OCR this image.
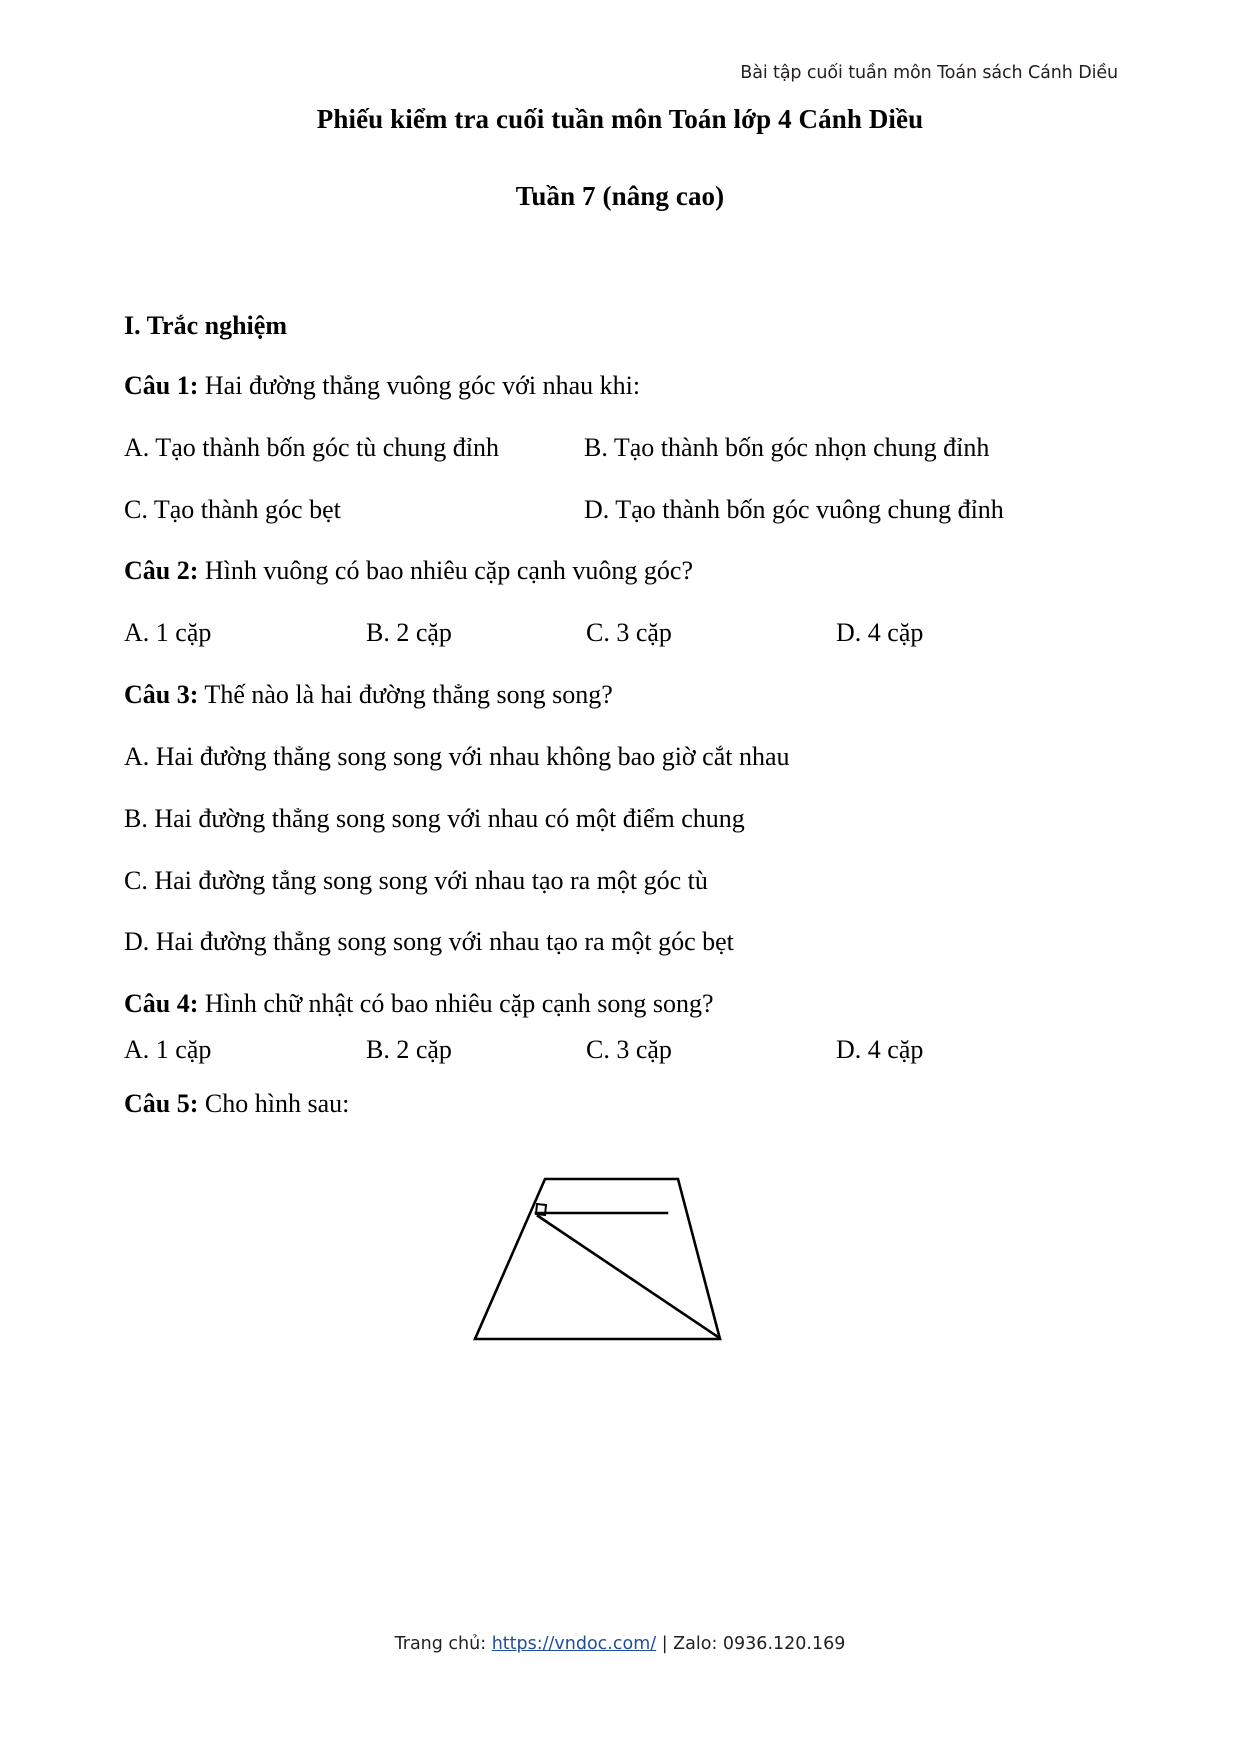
Bài tập cuối tuần môn Toán sách Cánh Diều
Phiếu kiểm tra cuối tuần môn Toán lớp 4 Cánh Diều
Tuần 7 (nâng cao)
I. Trắc nghiệm
Câu 1: Hai đường thẳng vuông góc với nhau khi:
A. Tạo thành bốn góc tù chung đỉnh	B. Tạo thành bốn góc nhọn chung đỉnh
C. Tạo thành góc bẹt	D. Tạo thành bốn góc vuông chung đỉnh
Câu 2: Hình vuông có bao nhiêu cặp cạnh vuông góc?
A. 1 cặp	B. 2 cặp	C. 3 cặp	D. 4 cặp
Câu 3: Thế nào là hai đường thẳng song song?
A. Hai đường thẳng song song với nhau không bao giờ cắt nhau
B. Hai đường thẳng song song với nhau có một điểm chung
C. Hai đường tẳng song song với nhau tạo ra một góc tù
D. Hai đường thẳng song song với nhau tạo ra một góc bẹt
Câu 4: Hình chữ nhật có bao nhiêu cặp cạnh song song?
A. 1 cặp	B. 2 cặp	C. 3 cặp	D. 4 cặp
Câu 5: Cho hình sau:
Trang chủ: https://vndoc.com/ | Zalo: 0936.120.169
